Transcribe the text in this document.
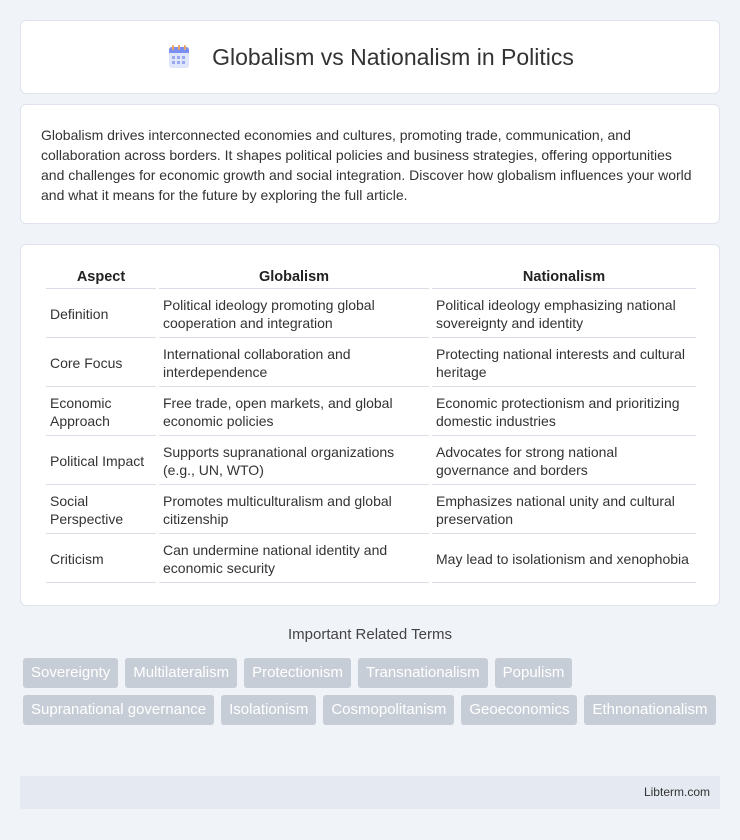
Globalism vs Nationalism in Politics

Globalism drives interconnected economies and cultures, promoting trade, communication, and collaboration across borders. It shapes political policies and business strategies, offering opportunities and challenges for economic growth and social integration. Discover how globalism influences your world and what it means for the future by exploring the full article.

Aspect	Globalism	Nationalism
Definition	Political ideology promoting global cooperation and integration	Political ideology emphasizing national sovereignty and identity
Core Focus	International collaboration and interdependence	Protecting national interests and cultural heritage
Economic Approach	Free trade, open markets, and global economic policies	Economic protectionism and prioritizing domestic industries
Political Impact	Supports supranational organizations (e.g., UN, WTO)	Advocates for strong national governance and borders
Social Perspective	Promotes multiculturalism and global citizenship	Emphasizes national unity and cultural preservation
Criticism	Can undermine national identity and economic security	May lead to isolationism and xenophobia
Important Related Terms
Sovereignty	Multilateralism	Protectionism	Transnationalism	Populism
Supranational governance	Isolationism	Cosmopolitanism	Geoeconomics	Ethnonationalism
Libterm.com
